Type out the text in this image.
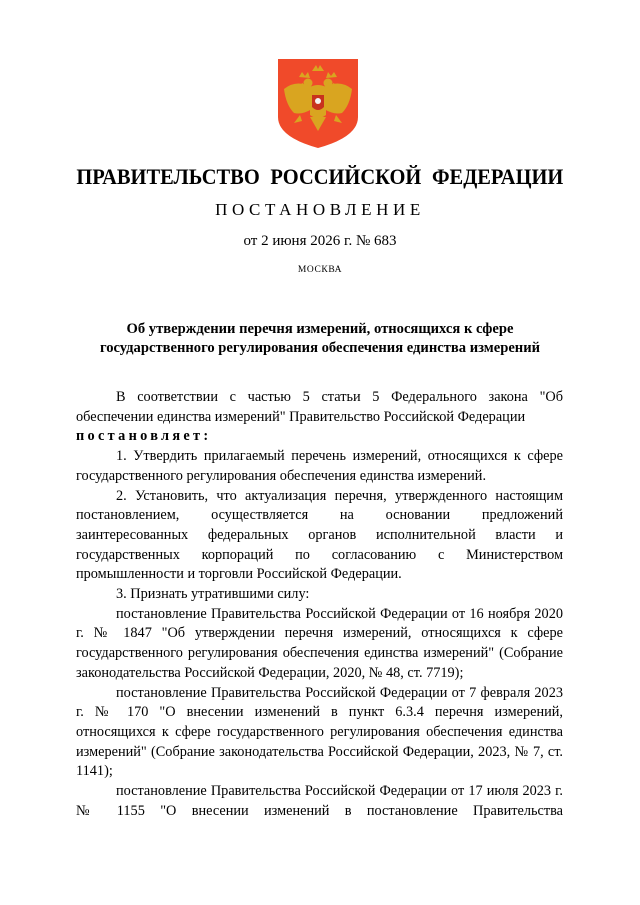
ПРАВИТЕЛЬСТВО РОССИЙСКОЙ ФЕДЕРАЦИИ
ПОСТАНОВЛЕНИЕ
от 2 июня 2026 г. № 683
МОСКВА
Об утверждении перечня измерений, относящихся к сфере
государственного регулирования обеспечения единства измерений

В соответствии с частью 5 статьи 5 Федерального закона "Об обеспечении единства измерений" Правительство Российской Федерации

постановляет:

1. Утвердить прилагаемый перечень измерений, относящихся к сфере государственного регулирования обеспечения единства измерений.

2. Установить, что актуализация перечня, утвержденного настоящим постановлением, осуществляется на основании предложений заинтересованных федеральных органов исполнительной власти и государственных корпораций по согласованию с Министерством промышленности и торговли Российской Федерации.

3. Признать утратившими силу:

постановление Правительства Российской Федерации от 16 ноября 2020 г. № 1847 "Об утверждении перечня измерений, относящихся к сфере государственного регулирования обеспечения единства измерений" (Собрание законодательства Российской Федерации, 2020, № 48, ст. 7719);

постановление Правительства Российской Федерации от 7 февраля 2023 г. № 170 "О внесении изменений в пункт 6.3.4 перечня измерений, относящихся к сфере государственного регулирования обеспечения единства измерений" (Собрание законодательства Российской Федерации, 2023, № 7, ст. 1141);

постановление Правительства Российской Федерации от 17 июля 2023 г. № 1155 "О внесении изменений в постановление Правительства
